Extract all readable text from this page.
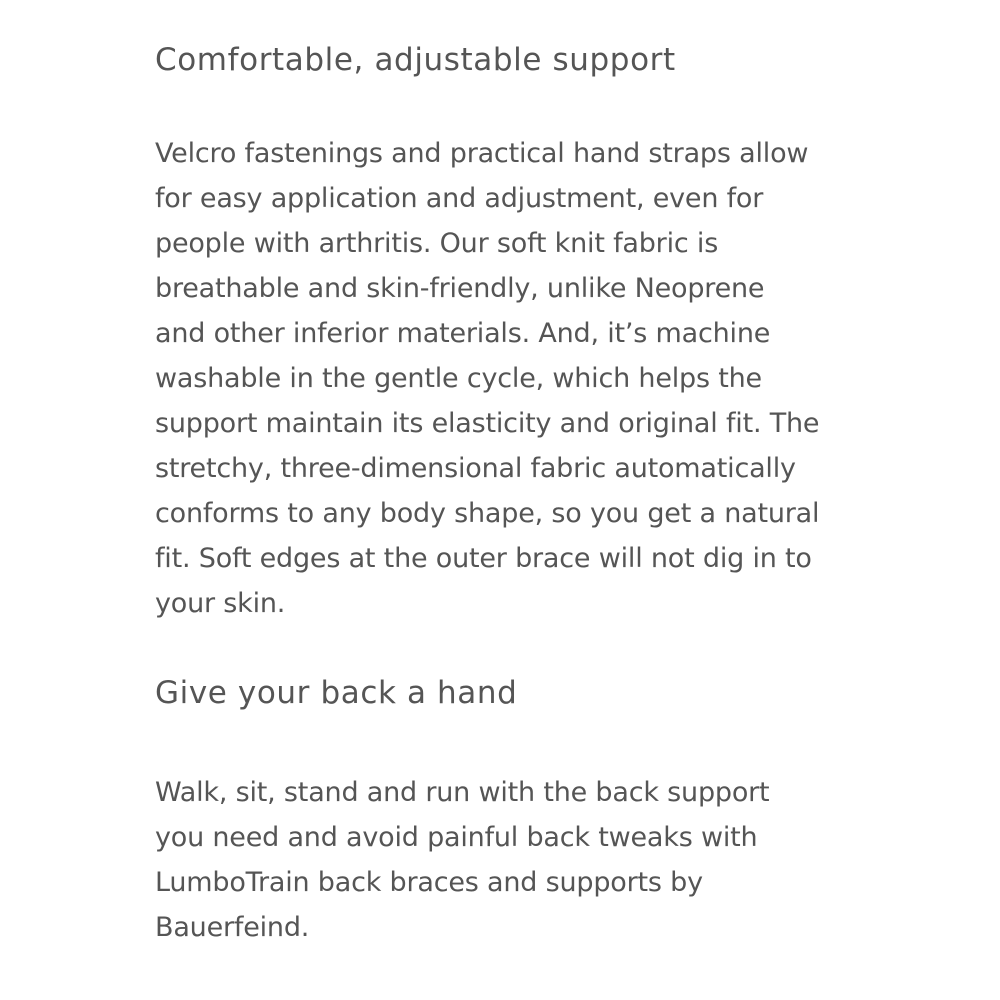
Comfortable, adjustable support

Velcro fastenings and practical hand straps allow
for easy application and adjustment, even for
people with arthritis. Our soft knit fabric is
breathable and skin-friendly, unlike Neoprene
and other inferior materials. And, it’s machine
washable in the gentle cycle, which helps the
support maintain its elasticity and original fit. The
stretchy, three-dimensional fabric automatically
conforms to any body shape, so you get a natural
fit. Soft edges at the outer brace will not dig in to
your skin.

Give your back a hand

Walk, sit, stand and run with the back support
you need and avoid painful back tweaks with
LumboTrain back braces and supports by
Bauerfeind.
